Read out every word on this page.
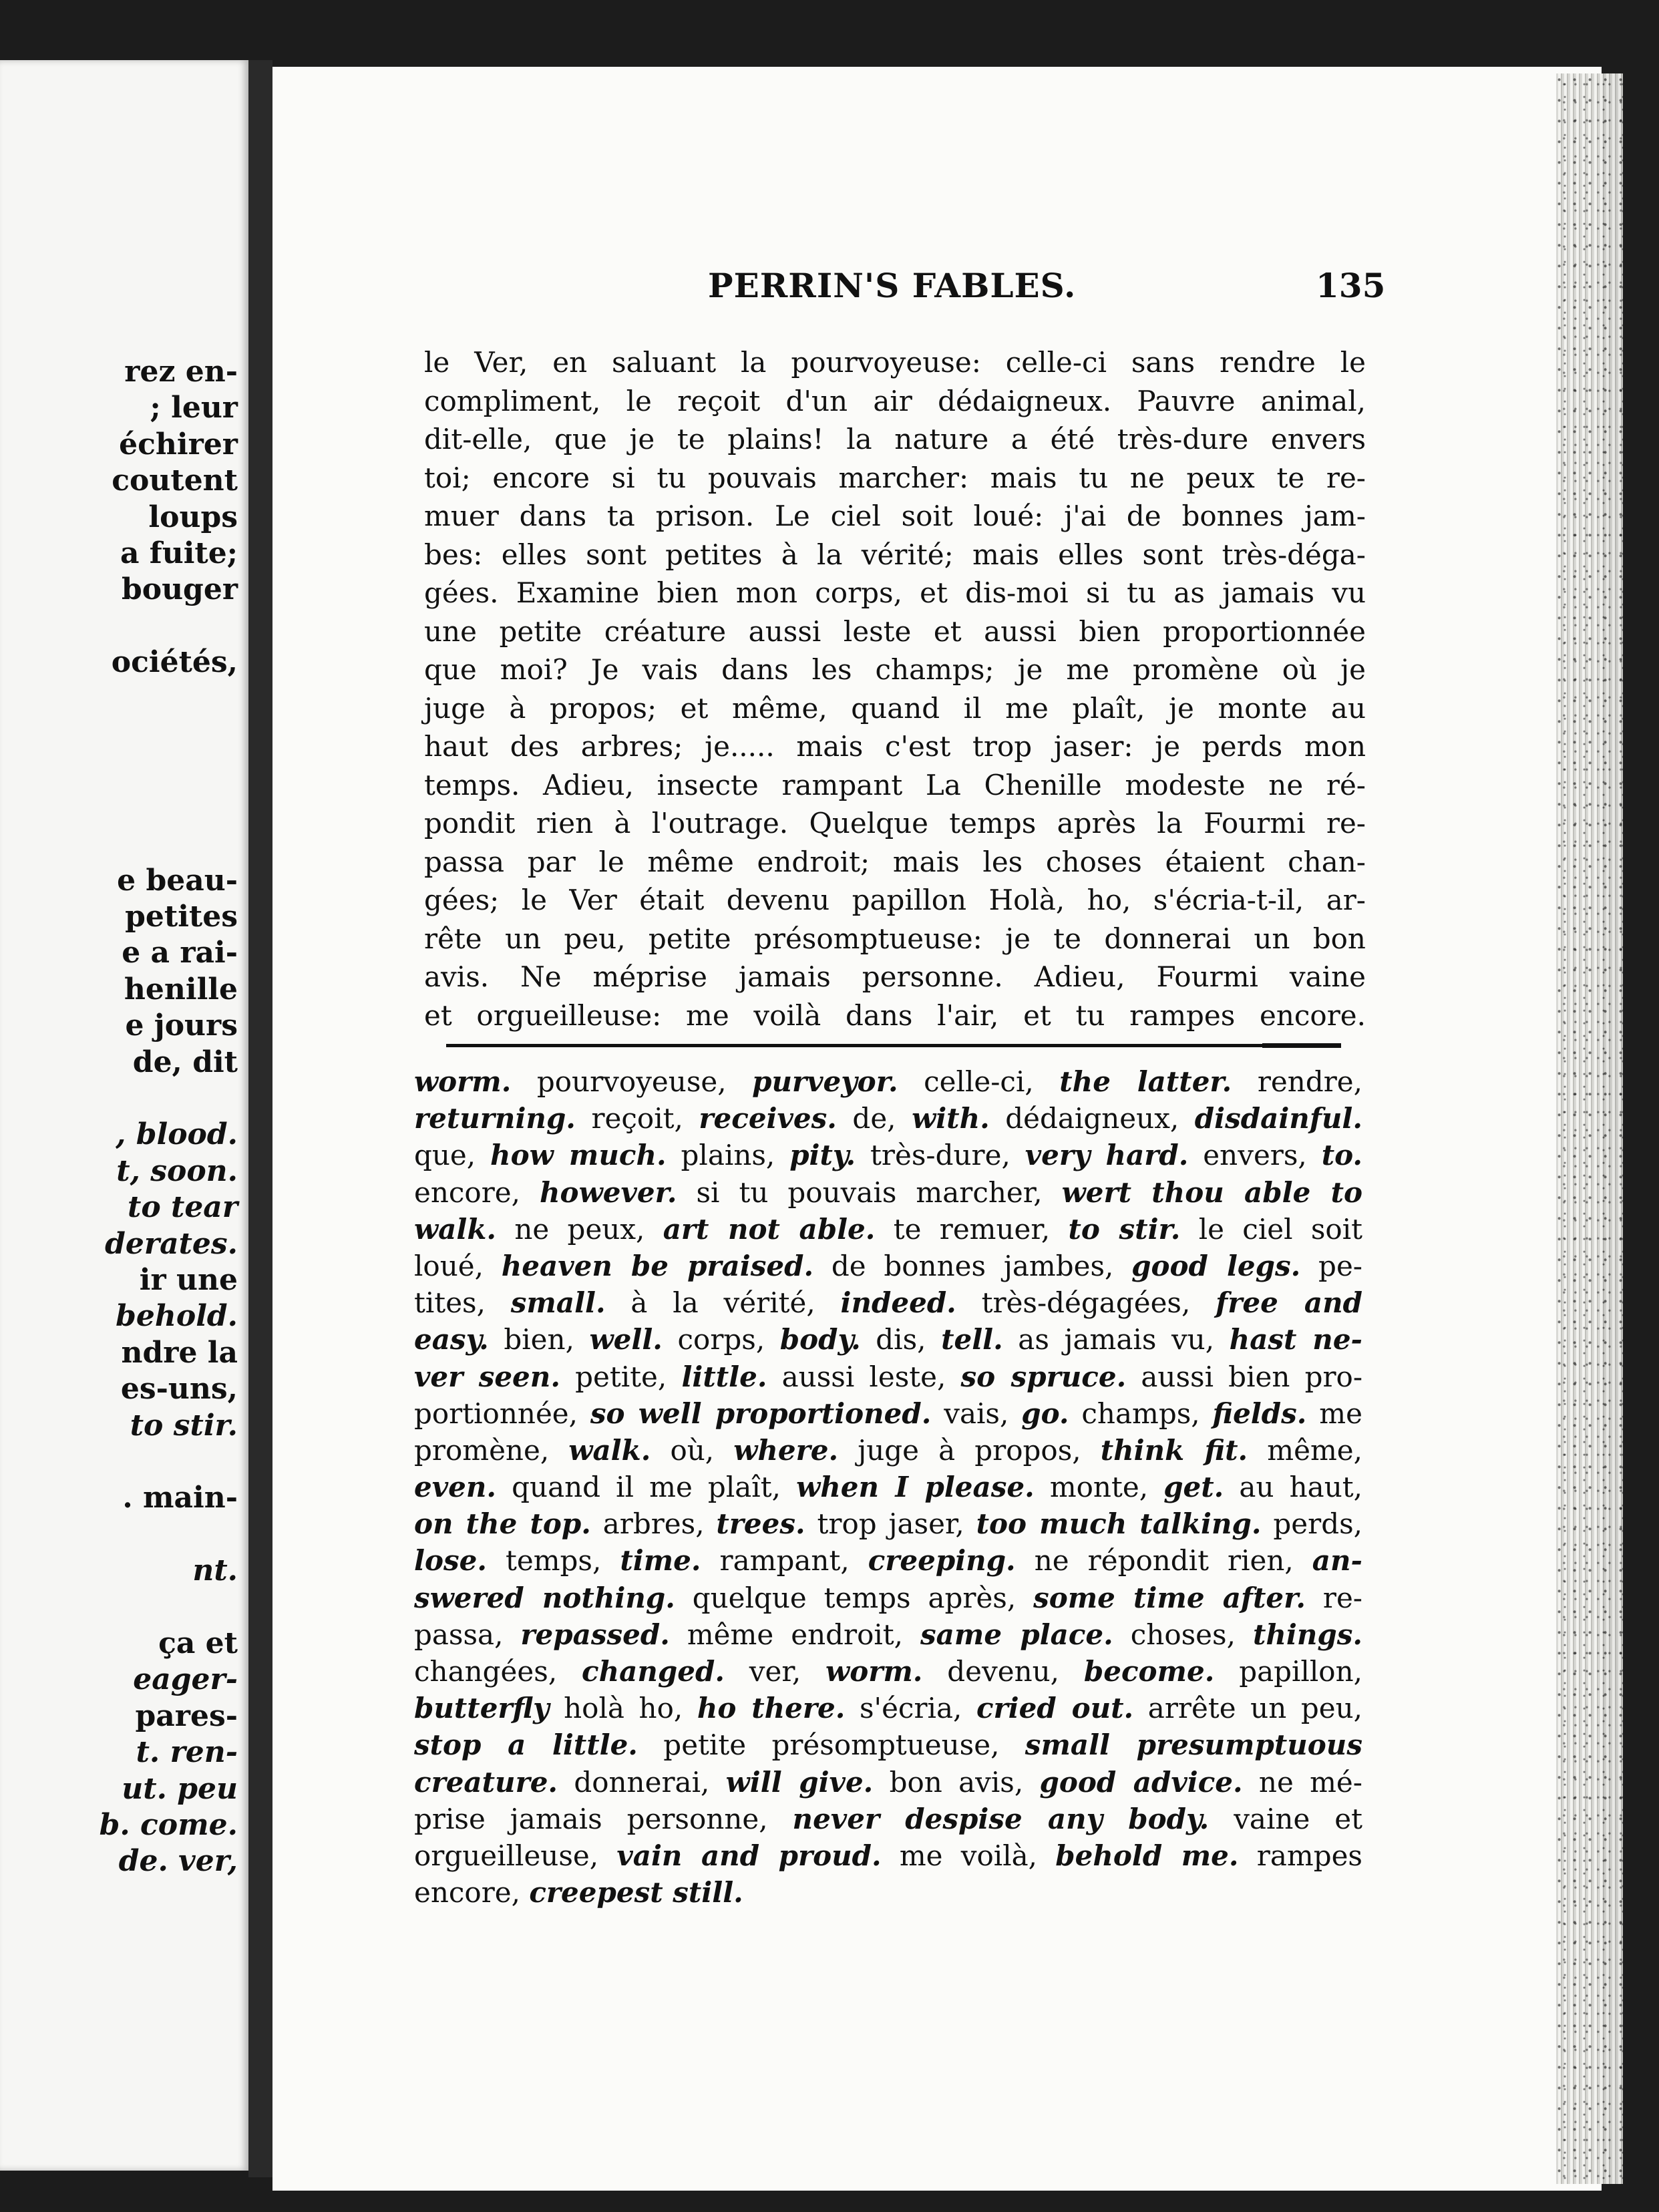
rez en-
; leur
échirer
coutent
loups
a fuite;
bouger
ociétés,
e beau-
petites
e a rai-
henille
e jours
de, dit
, blood.
t, soon.
to tear
derates.
ir une
behold.
ndre la
es-uns,
to stir.
. main-
nt.
ça et
eager-
pares-
t. ren-
ut. peu
b. come.
de. ver,
PERRIN'S FABLES.	135
le Ver, en saluant la pourvoyeuse: celle-ci sans rendre le
compliment, le reçoit d'un air dédaigneux. Pauvre animal,
dit-elle, que je te plains! la nature a été très-dure envers
toi; encore si tu pouvais marcher: mais tu ne peux te re-
muer dans ta prison. Le ciel soit loué: j'ai de bonnes jam-
bes: elles sont petites à la vérité; mais elles sont très-déga-
gées. Examine bien mon corps, et dis-moi si tu as jamais vu
une petite créature aussi leste et aussi bien proportionnée
que moi? Je vais dans les champs; je me promène où je
juge à propos; et même, quand il me plaît, je monte au
haut des arbres; je..... mais c'est trop jaser: je perds mon
temps. Adieu, insecte rampant La Chenille modeste ne ré-
pondit rien à l'outrage. Quelque temps après la Fourmi re-
passa par le même endroit; mais les choses étaient chan-
gées; le Ver était devenu papillon Holà, ho, s'écria-t-il, ar-
rête un peu, petite présomptueuse: je te donnerai un bon
avis. Ne méprise jamais personne. Adieu, Fourmi vaine
et orgueilleuse: me voilà dans l'air, et tu rampes encore.
worm. pourvoyeuse, purveyor. celle-ci, the latter. rendre,
returning. reçoit, receives. de, with. dédaigneux, disdainful.
que, how much. plains, pity. très-dure, very hard. envers, to.
encore, however. si tu pouvais marcher, wert thou able to
walk. ne peux, art not able. te remuer, to stir. le ciel soit
loué, heaven be praised. de bonnes jambes, good legs. pe-
tites, small. à la vérité, indeed. très-dégagées, free and
easy. bien, well. corps, body. dis, tell. as jamais vu, hast ne-
ver seen. petite, little. aussi leste, so spruce. aussi bien pro-
portionnée, so well proportioned. vais, go. champs, fields. me
promène, walk. où, where. juge à propos, think fit. même,
even. quand il me plaît, when I please. monte, get. au haut,
on the top. arbres, trees. trop jaser, too much talking. perds,
lose. temps, time. rampant, creeping. ne répondit rien, an-
swered nothing. quelque temps après, some time after. re-
passa, repassed. même endroit, same place. choses, things.
changées, changed. ver, worm. devenu, become. papillon,
butterfly holà ho, ho there. s'écria, cried out. arrête un peu,
stop a little. petite présomptueuse, small presumptuous
creature. donnerai, will give. bon avis, good advice. ne mé-
prise jamais personne, never despise any body. vaine et
orgueilleuse, vain and proud. me voilà, behold me. rampes
encore, creepest still.
